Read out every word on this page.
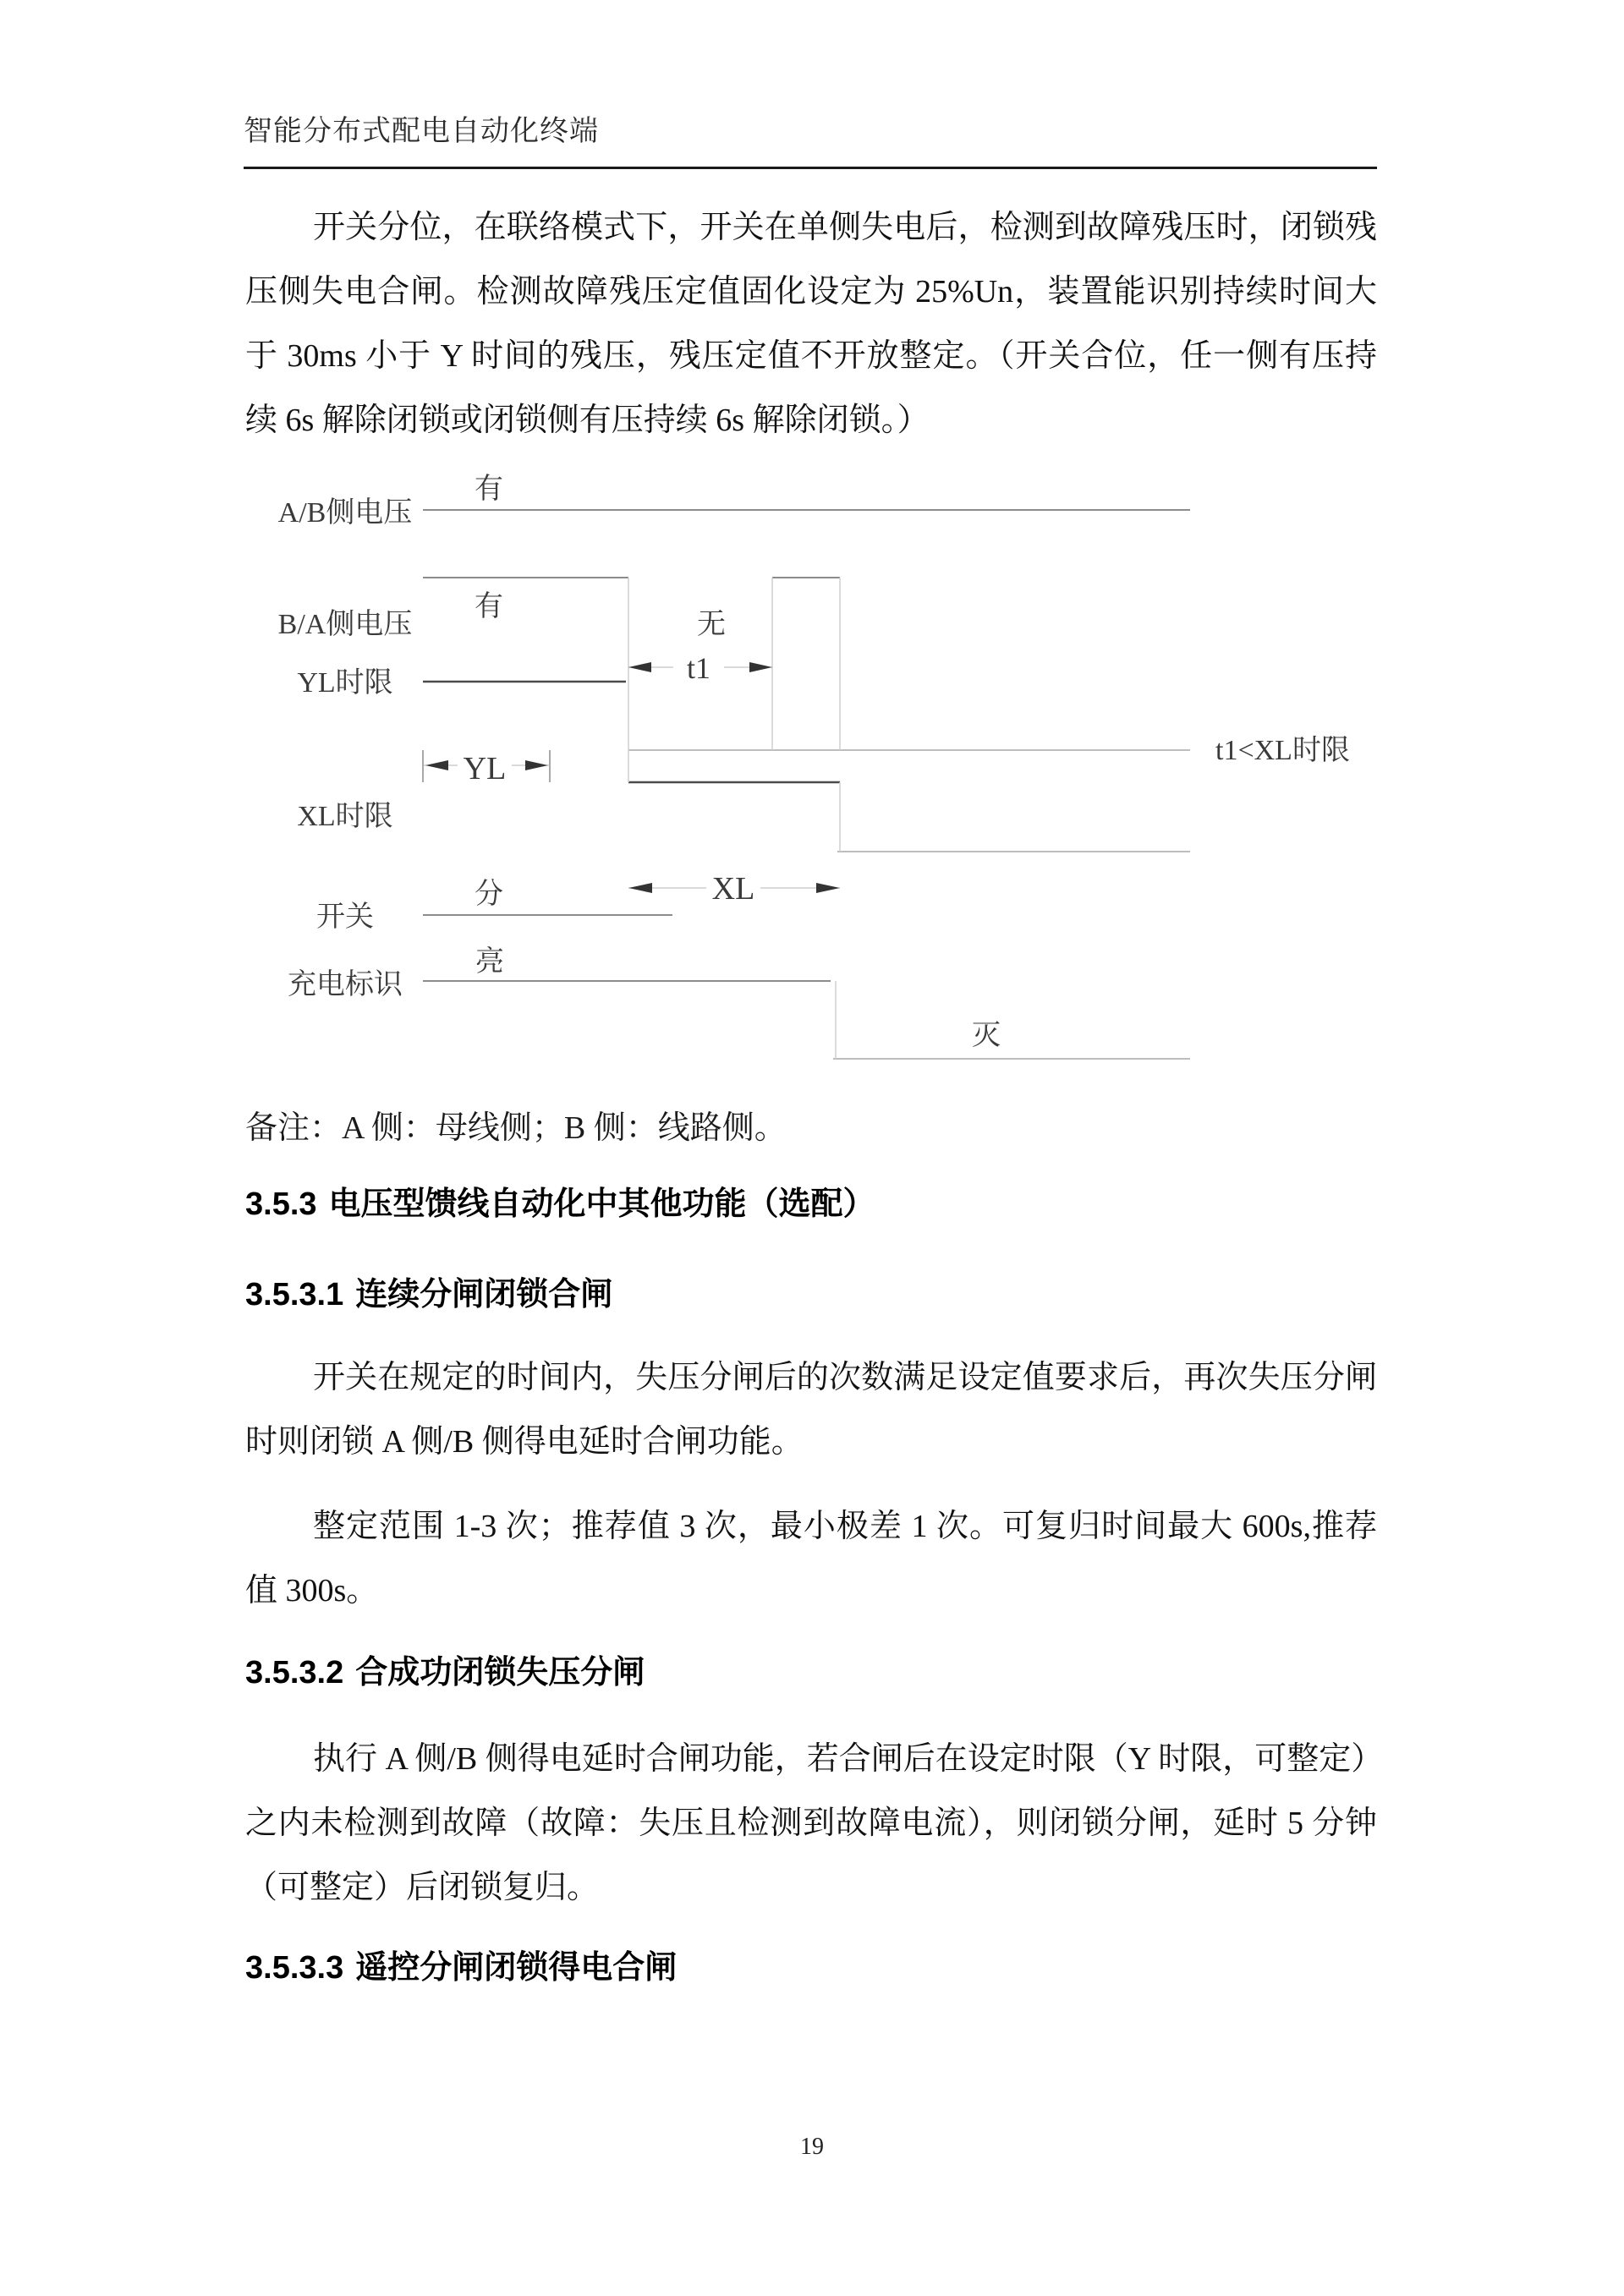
智能分布式配电自动化终端
开关分位，在联络模式下，开关在单侧失电后，检测到故障残压时，闭锁残
压侧失电合闸。检测故障残压定值固化设定为 25%Un，装置能识别持续时间大
于 30ms 小于 Y 时间的残压，残压定值不开放整定。（开关合位，任一侧有压持
续 6s 解除闭锁或闭锁侧有压持续 6s 解除闭锁。）
A/B侧电压
B/A侧电压
YL时限
XL时限
开关
充电标识
有
有
无
分
亮
灭
t1
YL
XL
t1<XL时限
备注：A 侧：母线侧；B 侧：线路侧。
3.5.3 电压型馈线自动化中其他功能（选配）
3.5.3.1 连续分闸闭锁合闸
开关在规定的时间内，失压分闸后的次数满足设定值要求后，再次失压分闸
时则闭锁 A 侧/B 侧得电延时合闸功能。
整定范围 1-3 次；推荐值 3 次，最小极差 1 次。可复归时间最大 600s,推荐
值 300s。
3.5.3.2 合成功闭锁失压分闸
执行 A 侧/B 侧得电延时合闸功能，若合闸后在设定时限（Y 时限，可整定）
之内未检测到故障（故障：失压且检测到故障电流），则闭锁分闸，延时 5 分钟
（可整定）后闭锁复归。
3.5.3.3 遥控分闸闭锁得电合闸
19
